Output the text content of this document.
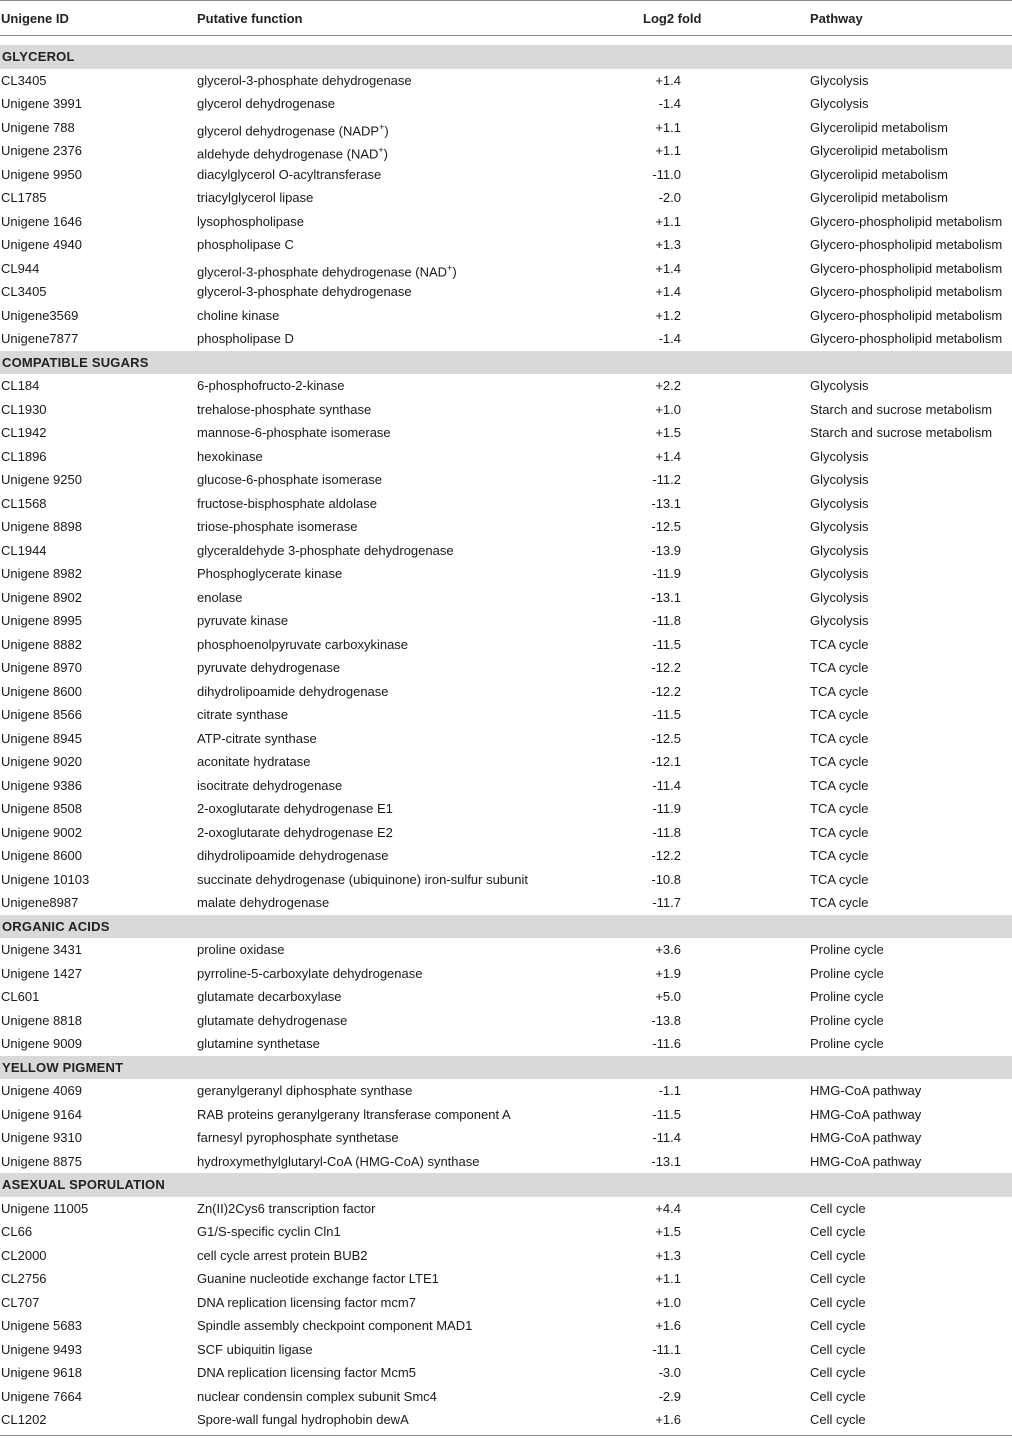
Unigene ID	Putative function	Log2 fold	Pathway
GLYCEROL
CL3405	glycerol-3-phosphate dehydrogenase	+1.4	Glycolysis
Unigene 3991	glycerol dehydrogenase	-1.4	Glycolysis
Unigene 788	glycerol dehydrogenase (NADP+)	+1.1	Glycerolipid metabolism
Unigene 2376	aldehyde dehydrogenase (NAD+)	+1.1	Glycerolipid metabolism
Unigene 9950	diacylglycerol O-acyltransferase	-11.0	Glycerolipid metabolism
CL1785	triacylglycerol lipase	-2.0	Glycerolipid metabolism
Unigene 1646	lysophospholipase	+1.1	Glycero-phospholipid metabolism
Unigene 4940	phospholipase C	+1.3	Glycero-phospholipid metabolism
CL944	glycerol-3-phosphate dehydrogenase (NAD+)	+1.4	Glycero-phospholipid metabolism
CL3405	glycerol-3-phosphate dehydrogenase	+1.4	Glycero-phospholipid metabolism
Unigene3569	choline kinase	+1.2	Glycero-phospholipid metabolism
Unigene7877	phospholipase D	-1.4	Glycero-phospholipid metabolism
COMPATIBLE SUGARS
CL184	6-phosphofructo-2-kinase	+2.2	Glycolysis
CL1930	trehalose-phosphate synthase	+1.0	Starch and sucrose metabolism
CL1942	mannose-6-phosphate isomerase	+1.5	Starch and sucrose metabolism
CL1896	hexokinase	+1.4	Glycolysis
Unigene 9250	glucose-6-phosphate isomerase	-11.2	Glycolysis
CL1568	fructose-bisphosphate aldolase	-13.1	Glycolysis
Unigene 8898	triose-phosphate isomerase	-12.5	Glycolysis
CL1944	glyceraldehyde 3-phosphate dehydrogenase	-13.9	Glycolysis
Unigene 8982	Phosphoglycerate kinase	-11.9	Glycolysis
Unigene 8902	enolase	-13.1	Glycolysis
Unigene 8995	pyruvate kinase	-11.8	Glycolysis
Unigene 8882	phosphoenolpyruvate carboxykinase	-11.5	TCA cycle
Unigene 8970	pyruvate dehydrogenase	-12.2	TCA cycle
Unigene 8600	dihydrolipoamide dehydrogenase	-12.2	TCA cycle
Unigene 8566	citrate synthase	-11.5	TCA cycle
Unigene 8945	ATP-citrate synthase	-12.5	TCA cycle
Unigene 9020	aconitate hydratase	-12.1	TCA cycle
Unigene 9386	isocitrate dehydrogenase	-11.4	TCA cycle
Unigene 8508	2-oxoglutarate dehydrogenase E1	-11.9	TCA cycle
Unigene 9002	2-oxoglutarate dehydrogenase E2	-11.8	TCA cycle
Unigene 8600	dihydrolipoamide dehydrogenase	-12.2	TCA cycle
Unigene 10103	succinate dehydrogenase (ubiquinone) iron-sulfur subunit	-10.8	TCA cycle
Unigene8987	malate dehydrogenase	-11.7	TCA cycle
ORGANIC ACIDS
Unigene 3431	proline oxidase	+3.6	Proline cycle
Unigene 1427	pyrroline-5-carboxylate dehydrogenase	+1.9	Proline cycle
CL601	glutamate decarboxylase	+5.0	Proline cycle
Unigene 8818	glutamate dehydrogenase	-13.8	Proline cycle
Unigene 9009	glutamine synthetase	-11.6	Proline cycle
YELLOW PIGMENT
Unigene 4069	geranylgeranyl diphosphate synthase	-1.1	HMG-CoA pathway
Unigene 9164	RAB proteins geranylgerany ltransferase component A	-11.5	HMG-CoA pathway
Unigene 9310	farnesyl pyrophosphate synthetase	-11.4	HMG-CoA pathway
Unigene 8875	hydroxymethylglutaryl-CoA (HMG-CoA) synthase	-13.1	HMG-CoA pathway
ASEXUAL SPORULATION
Unigene 11005	Zn(II)2Cys6 transcription factor	+4.4	Cell cycle
CL66	G1/S-specific cyclin Cln1	+1.5	Cell cycle
CL2000	cell cycle arrest protein BUB2	+1.3	Cell cycle
CL2756	Guanine nucleotide exchange factor LTE1	+1.1	Cell cycle
CL707	DNA replication licensing factor mcm7	+1.0	Cell cycle
Unigene 5683	Spindle assembly checkpoint component MAD1	+1.6	Cell cycle
Unigene 9493	SCF ubiquitin ligase	-11.1	Cell cycle
Unigene 9618	DNA replication licensing factor Mcm5	-3.0	Cell cycle
Unigene 7664	nuclear condensin complex subunit Smc4	-2.9	Cell cycle
CL1202	Spore-wall fungal hydrophobin dewA	+1.6	Cell cycle
